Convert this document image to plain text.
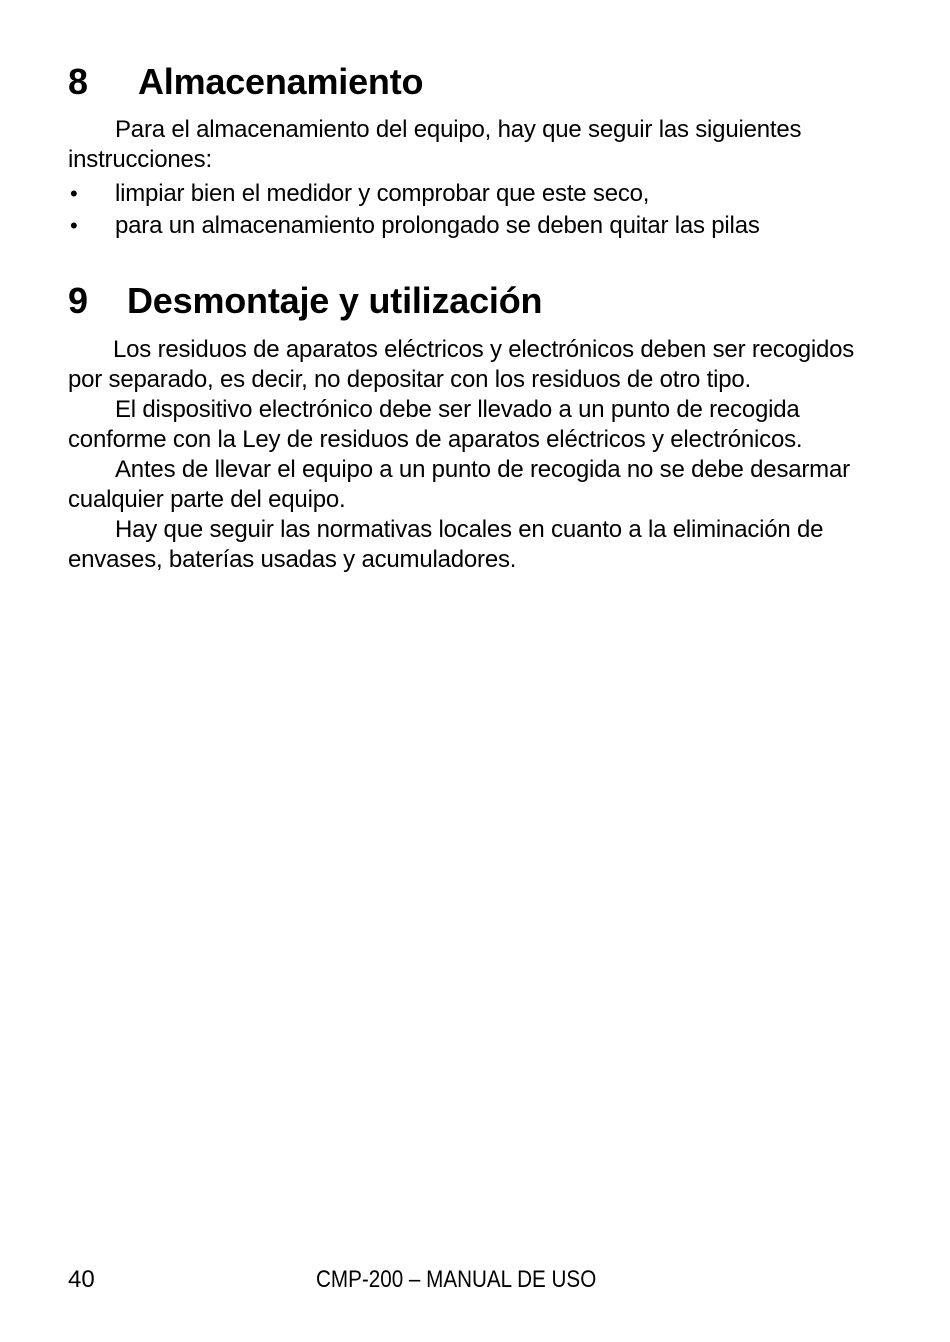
8 Almacenamiento

Para el almacenamiento del equipo, hay que seguir las siguientes instrucciones:

• limpiar bien el medidor y comprobar que este seco,
• para un almacenamiento prolongado se deben quitar las pilas
9 Desmontaje y utilización

Los residuos de aparatos eléctricos y electrónicos deben ser recogidos por separado, es decir, no depositar con los residuos de otro tipo.

El dispositivo electrónico debe ser llevado a un punto de recogida conforme con la Ley de residuos de aparatos eléctricos y electrónicos.

Antes de llevar el equipo a un punto de recogida no se debe desarmar cualquier parte del equipo.

Hay que seguir las normativas locales en cuanto a la eliminación de envases, baterías usadas y acumuladores.

40	CMP-200 – MANUAL DE USO
